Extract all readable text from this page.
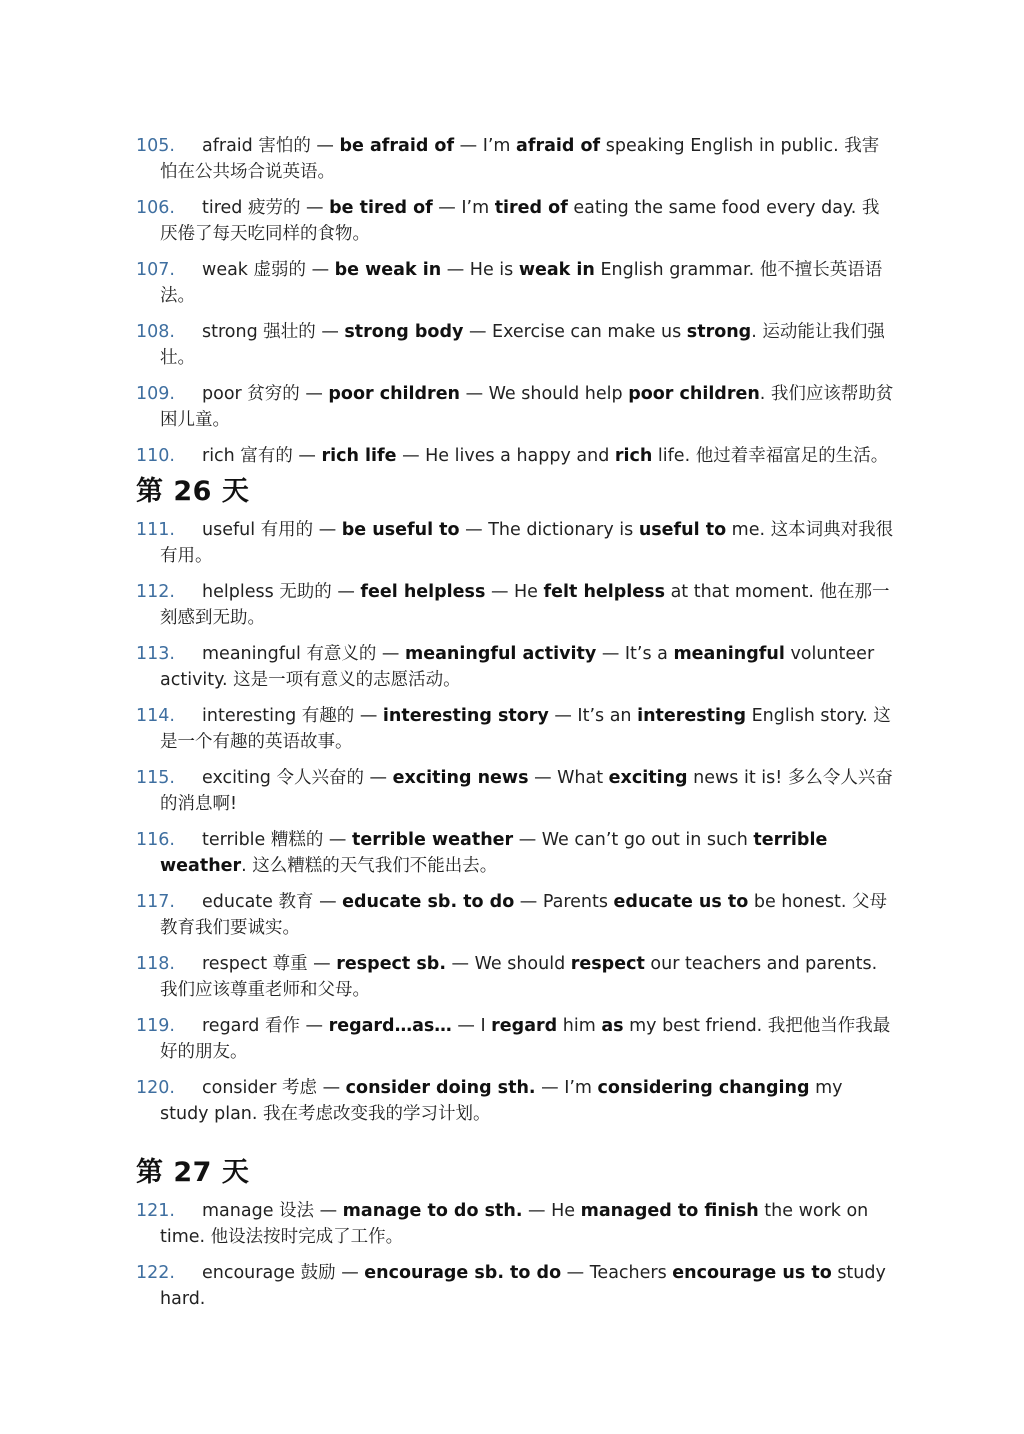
105.	afraid 害怕的 — be afraid of — I’m afraid of speaking English in public. 我害怕在公共场合说英语。
106.	tired 疲劳的 — be tired of — I’m tired of eating the same food every day. 我厌倦了每天吃同样的食物。
107.	weak 虚弱的 — be weak in — He is weak in English grammar. 他不擅长英语语法。
108.	strong 强壮的 — strong body — Exercise can make us strong. 运动能让我们强壮。
109.	poor 贫穷的 — poor children — We should help poor children. 我们应该帮助贫困儿童。
110.	rich 富有的 — rich life — He lives a happy and rich life. 他过着幸福富足的生活。
第 26 天
111.	useful 有用的 — be useful to — The dictionary is useful to me. 这本词典对我很有用。
112.	helpless 无助的 — feel helpless — He felt helpless at that moment. 他在那一刻感到无助。
113.	meaningful 有意义的 — meaningful activity — It’s a meaningful volunteer activity. 这是一项有意义的志愿活动。
114.	interesting 有趣的 — interesting story — It’s an interesting English story. 这是一个有趣的英语故事。
115.	exciting 令人兴奋的 — exciting news — What exciting news it is! 多么令人兴奋的消息啊!
116.	terrible 糟糕的 — terrible weather — We can’t go out in such terrible weather. 这么糟糕的天气我们不能出去。
117.	educate 教育 — educate sb. to do — Parents educate us to be honest. 父母教育我们要诚实。
118.	respect 尊重 — respect sb. — We should respect our teachers and parents. 我们应该尊重老师和父母。
119.	regard 看作 — regard…as… — I regard him as my best friend. 我把他当作我最好的朋友。
120.	consider 考虑 — consider doing sth. — I’m considering changing my study plan. 我在考虑改变我的学习计划。
第 27 天
121.	manage 设法 — manage to do sth. — He managed to finish the work on time. 他设法按时完成了工作。
122.	encourage 鼓励 — encourage sb. to do — Teachers encourage us to study hard.
